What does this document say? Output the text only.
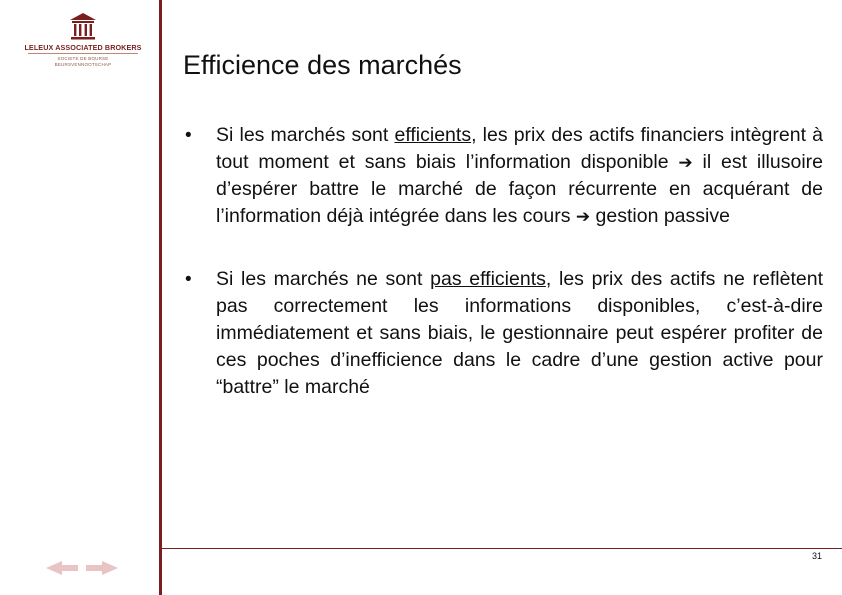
LELEUX ASSOCIATED BROKERS
SOCIETE DE BOURSE
BEURSVENNOOTSCHAP	Efficience des marchés
• Si les marchés sont efficients, les prix des actifs financiers intègrent à tout moment et sans biais l’information disponible ➔ il est illusoire d’espérer battre le marché de façon récurrente en acquérant de l’information déjà intégrée dans les cours ➔ gestion passive
• Si les marchés ne sont pas efficients, les prix des actifs ne reflètent pas correctement les informations disponibles, c’est-à-dire immédiatement et sans biais, le gestionnaire peut espérer profiter de ces poches d’inefficience dans le cadre d’une gestion active pour “battre” le marché
31
